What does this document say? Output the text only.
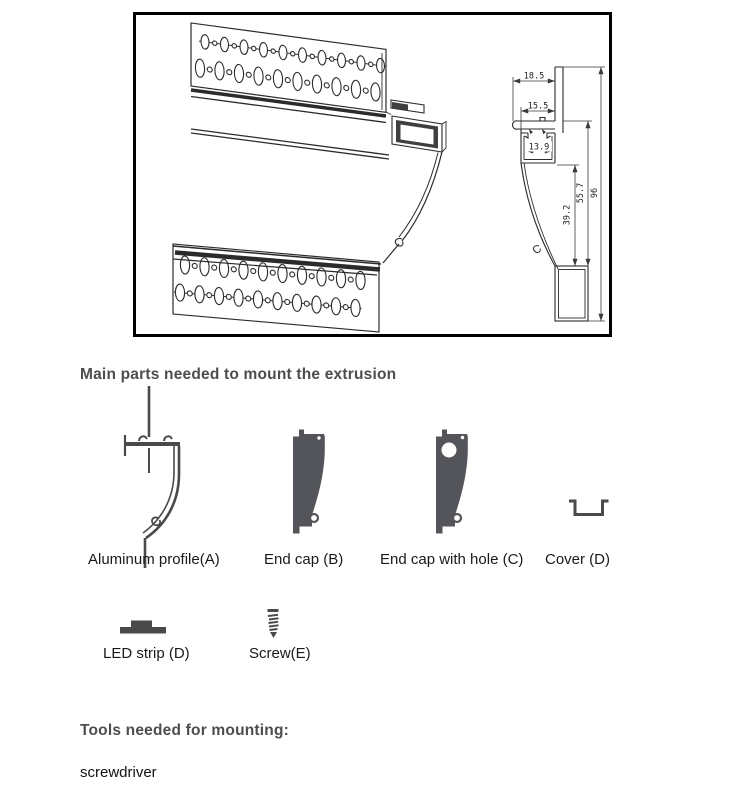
18.5
15.5
13.9
39.2
55.7 96
Main parts needed to mount the extrusion
Aluminum profile(A)	End cap (B) End cap with hole (C) Cover (D)
LED strip (D)	Screw(E)
Tools needed for mounting:
screwdriver
